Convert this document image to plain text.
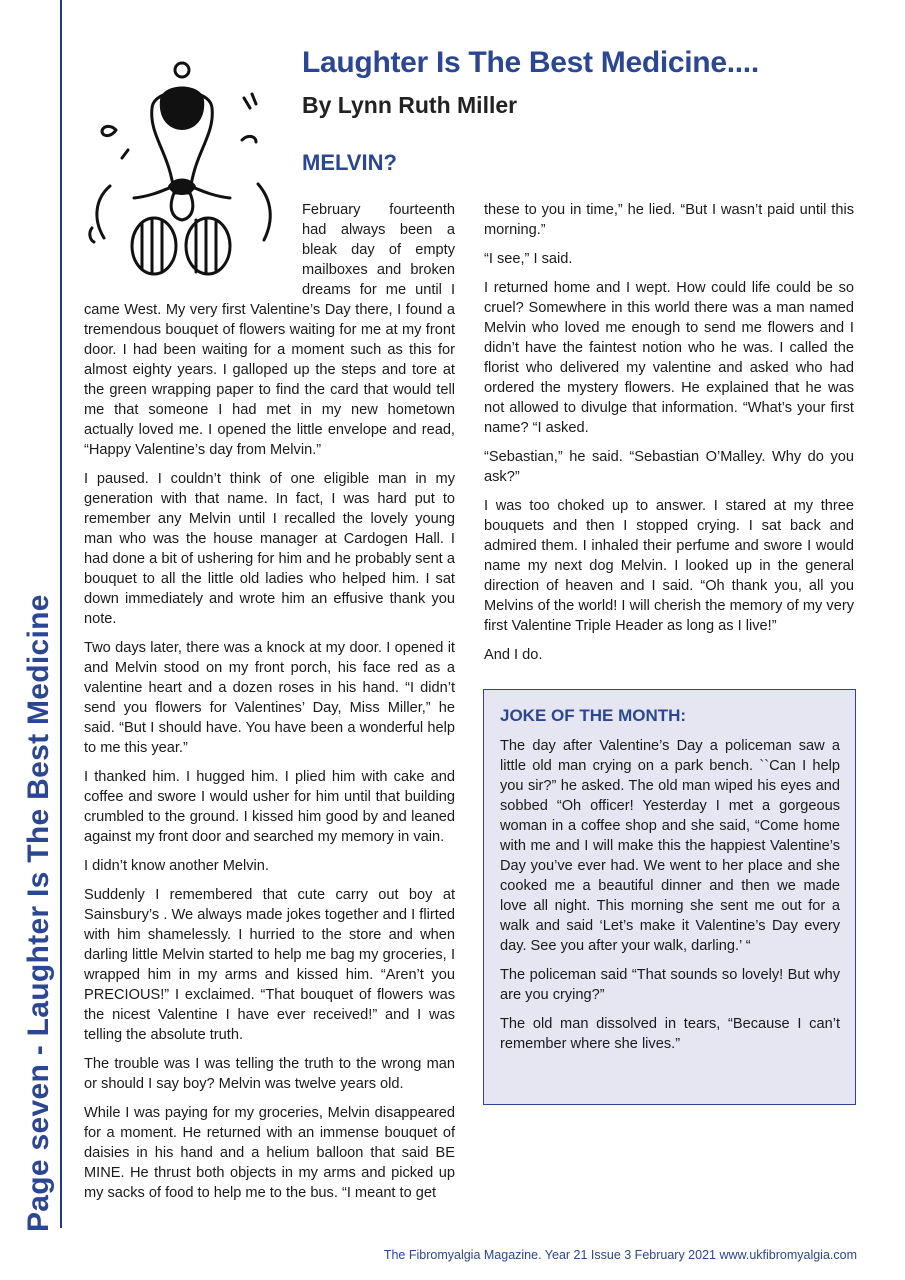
Page seven - Laughter Is The Best Medicine
Laughter Is The Best Medicine....
By Lynn Ruth Miller
MELVIN?

February fourteenth had always been a bleak day of empty mailboxes and broken dreams for me until I came West. My very first Valentine’s Day there, I found a tremendous bouquet of flowers waiting for me at my front door. I had been waiting for a moment such as this for almost eighty years. I galloped up the steps and tore at the green wrapping paper to find the card that would tell me that someone I had met in my new hometown actually loved me. I opened the little envelope and read, “Happy Valentine’s day from Melvin.”

I paused. I couldn’t think of one eligible man in my generation with that name. In fact, I was hard put to remember any Melvin until I recalled the lovely young man who was the house manager at Cardogen Hall. I had done a bit of ushering for him and he probably sent a bouquet to all the little old ladies who helped him. I sat down immediately and wrote him an effusive thank you note.

Two days later, there was a knock at my door. I opened it and Melvin stood on my front porch, his face red as a valentine heart and a dozen roses in his hand. “I didn’t send you flowers for Valentines’ Day, Miss Miller,” he said. “But I should have. You have been a wonderful help to me this year.”

I thanked him. I hugged him. I plied him with cake and coffee and swore I would usher for him until that building crumbled to the ground. I kissed him good by and leaned against my front door and searched my memory in vain.

I didn’t know another Melvin.

Suddenly I remembered that cute carry out boy at Sainsbury’s . We always made jokes together and I flirted with him shamelessly. I hurried to the store and when darling little Melvin started to help me bag my groceries, I wrapped him in my arms and kissed him. “Aren’t you PRECIOUS!” I exclaimed. “That bouquet of flowers was the nicest Valentine I have ever received!” and I was telling the absolute truth.

The trouble was I was telling the truth to the wrong man or should I say boy? Melvin was twelve years old.

While I was paying for my groceries, Melvin disappeared for a moment. He returned with an immense bouquet of daisies in his hand and a helium balloon that said BE MINE. He thrust both objects in my arms and picked up my sacks of food to help me to the bus. “I meant to get

these to you in time,” he lied. “But I wasn’t paid until this morning.”

“I see,” I said.

I returned home and I wept. How could life could be so cruel? Somewhere in this world there was a man named Melvin who loved me enough to send me flowers and I didn’t have the faintest notion who he was. I called the florist who delivered my valentine and asked who had ordered the mystery flowers. He explained that he was not allowed to divulge that information. “What’s your first name? “I asked.

“Sebastian,” he said. “Sebastian O’Malley. Why do you ask?”

I was too choked up to answer. I stared at my three bouquets and then I stopped crying. I sat back and admired them. I inhaled their perfume and swore I would name my next dog Melvin. I looked up in the general direction of heaven and I said. “Oh thank you, all you Melvins of the world! I will cherish the memory of my very first Valentine Triple Header as long as I live!”

And I do.

JOKE OF THE MONTH:

The day after Valentine’s Day a policeman saw a little old man crying on a park bench. ``Can I help you sir?” he asked. The old man wiped his eyes and sobbed “Oh officer! Yesterday I met a gorgeous woman in a coffee shop and she said, “Come home with me and I will make this the happiest Valentine’s Day you’ve ever had. We went to her place and she cooked me a beautiful dinner and then we made love all night. This morning she sent me out for a walk and said ‘Let’s make it Valentine’s Day every day. See you after your walk, darling.’ “

The policeman said “That sounds so lovely! But why are you crying?”

The old man dissolved in tears, “Because I can’t remember where she lives.”

The Fibromyalgia Magazine. Year 21 Issue 3 February 2021 www.ukfibromyalgia.com
